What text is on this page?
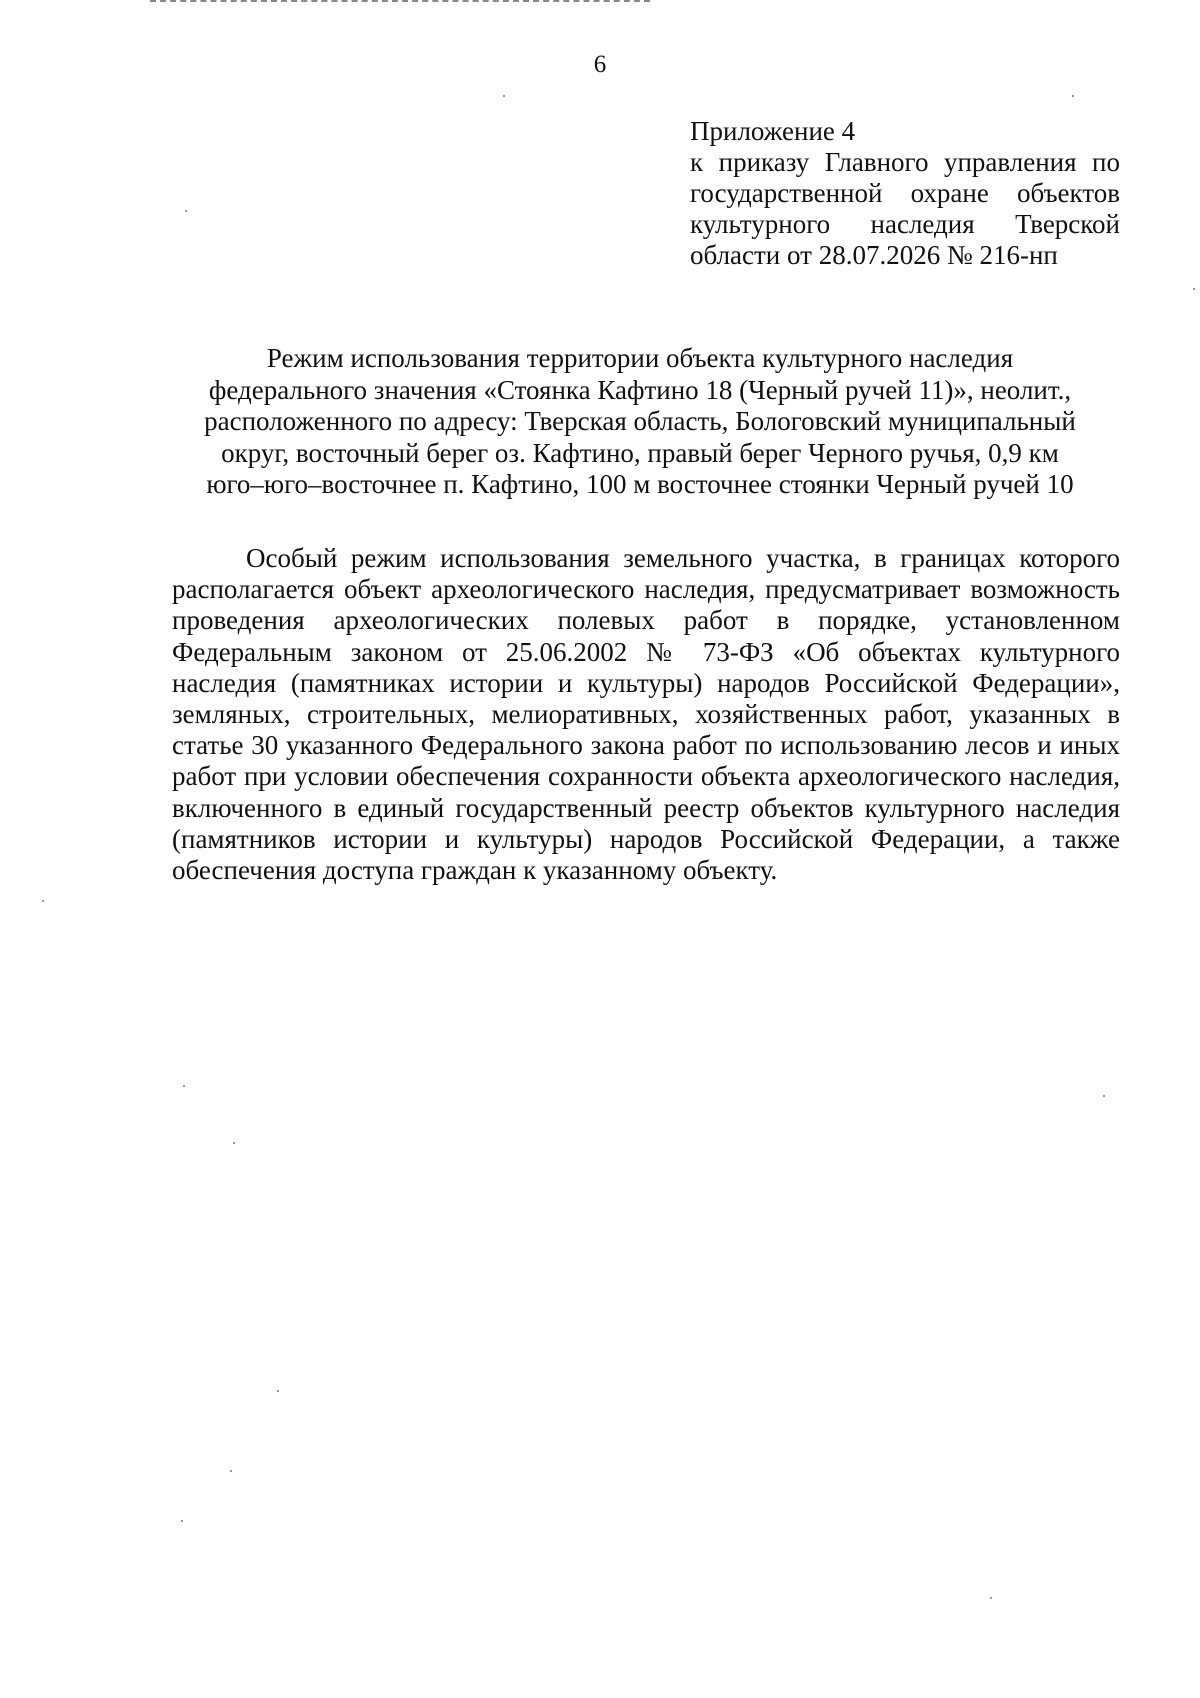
6
Приложение 4
к приказу Главного управления по государственной охране объектов культурного наследия Тверской области от 28.07.2026 № 216-нп
Режим использования территории объекта культурного наследия
федерального значения «Стоянка Кафтино 18 (Черный ручей 11)», неолит.,
расположенного по адресу: Тверская область, Бологовский муниципальный
округ, восточный берег оз. Кафтино, правый берег Черного ручья, 0,9 км
юго–юго–восточнее п. Кафтино, 100 м восточнее стоянки Черный ручей 10

Особый режим использования земельного участка, в границах которого располагается объект археологического наследия, предусматривает возможность проведения археологических полевых работ в порядке, установленном Федеральным законом от 25.06.2002 № 73-ФЗ «Об объектах культурного наследия (памятниках истории и культуры) народов Российской Федерации», земляных, строительных, мелиоративных, хозяйственных работ, указанных в статье 30 указанного Федерального закона работ по использованию лесов и иных работ при условии обеспечения сохранности объекта археологического наследия, включенного в единый государственный реестр объектов культурного наследия (памятников истории и культуры) народов Российской Федерации, а также обеспечения доступа граждан к указанному объекту.
